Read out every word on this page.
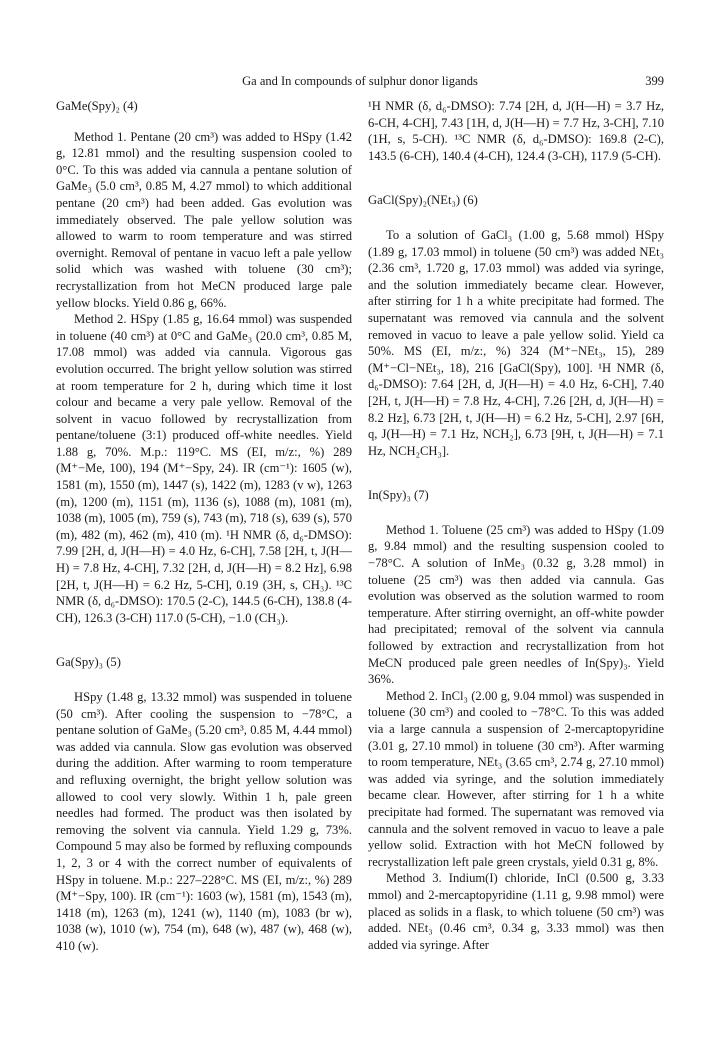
Ga and In compounds of sulphur donor ligands	399
GaMe(Spy)₂ (4)

Method 1. Pentane (20 cm³) was added to HSpy (1.42 g, 12.81 mmol) and the resulting suspension cooled to 0°C. To this was added via cannula a pentane solution of GaMe₃ (5.0 cm³, 0.85 M, 4.27 mmol) to which additional pentane (20 cm³) had been added. Gas evolution was immediately observed. The pale yellow solution was allowed to warm to room temperature and was stirred overnight. Removal of pentane in vacuo left a pale yellow solid which was washed with toluene (30 cm³); recrystallization from hot MeCN produced large pale yellow blocks. Yield 0.86 g, 66%.

Method 2. HSpy (1.85 g, 16.64 mmol) was suspended in toluene (40 cm³) at 0°C and GaMe₃ (20.0 cm³, 0.85 M, 17.08 mmol) was added via cannula. Vigorous gas evolution occurred. The bright yellow solution was stirred at room temperature for 2 h, during which time it lost colour and became a very pale yellow. Removal of the solvent in vacuo followed by recrystallization from pentane/toluene (3:1) produced off-white needles. Yield 1.88 g, 70%. M.p.: 119°C. MS (EI, m/z:, %) 289 (M⁺−Me, 100), 194 (M⁺−Spy, 24). IR (cm⁻¹): 1605 (w), 1581 (m), 1550 (m), 1447 (s), 1422 (m), 1283 (v w), 1263 (m), 1200 (m), 1151 (m), 1136 (s), 1088 (m), 1081 (m), 1038 (m), 1005 (m), 759 (s), 743 (m), 718 (s), 639 (s), 570 (m), 482 (m), 462 (m), 410 (m). ¹H NMR (δ, d₆-DMSO): 7.99 [2H, d, J(H—H) = 4.0 Hz, 6-CH], 7.58 [2H, t, J(H—H) = 7.8 Hz, 4-CH], 7.32 [2H, d, J(H—H) = 8.2 Hz], 6.98 [2H, t, J(H—H) = 6.2 Hz, 5-CH], 0.19 (3H, s, CH₃). ¹³C NMR (δ, d₆-DMSO): 170.5 (2-C), 144.5 (6-CH), 138.8 (4-CH), 126.3 (3-CH) 117.0 (5-CH), −1.0 (CH₃).

Ga(Spy)₃ (5)

HSpy (1.48 g, 13.32 mmol) was suspended in toluene (50 cm³). After cooling the suspension to −78°C, a pentane solution of GaMe₃ (5.20 cm³, 0.85 M, 4.44 mmol) was added via cannula. Slow gas evolution was observed during the addition. After warming to room temperature and refluxing overnight, the bright yellow solution was allowed to cool very slowly. Within 1 h, pale green needles had formed. The product was then isolated by removing the solvent via cannula. Yield 1.29 g, 73%. Compound 5 may also be formed by refluxing compounds 1, 2, 3 or 4 with the correct number of equivalents of HSpy in toluene. M.p.: 227–228°C. MS (EI, m/z:, %) 289 (M⁺−Spy, 100). IR (cm⁻¹): 1603 (w), 1581 (m), 1543 (m), 1418 (m), 1263 (m), 1241 (w), 1140 (m), 1083 (br w), 1038 (w), 1010 (w), 754 (m), 648 (w), 487 (w), 468 (w), 410 (w).

¹H NMR (δ, d₆-DMSO): 7.74 [2H, d, J(H—H) = 3.7 Hz, 6-CH, 4-CH], 7.43 [1H, d, J(H—H) = 7.7 Hz, 3-CH], 7.10 (1H, s, 5-CH). ¹³C NMR (δ, d₆-DMSO): 169.8 (2-C), 143.5 (6-CH), 140.4 (4-CH), 124.4 (3-CH), 117.9 (5-CH).

GaCl(Spy)₂(NEt₃) (6)

To a solution of GaCl₃ (1.00 g, 5.68 mmol) HSpy (1.89 g, 17.03 mmol) in toluene (50 cm³) was added NEt₃ (2.36 cm³, 1.720 g, 17.03 mmol) was added via syringe, and the solution immediately became clear. However, after stirring for 1 h a white precipitate had formed. The supernatant was removed via cannula and the solvent removed in vacuo to leave a pale yellow solid. Yield ca 50%. MS (EI, m/z:, %) 324 (M⁺−NEt₃, 15), 289 (M⁺−Cl−NEt₃, 18), 216 [GaCl(Spy), 100]. ¹H NMR (δ, d₆-DMSO): 7.64 [2H, d, J(H—H) = 4.0 Hz, 6-CH], 7.40 [2H, t, J(H—H) = 7.8 Hz, 4-CH], 7.26 [2H, d, J(H—H) = 8.2 Hz], 6.73 [2H, t, J(H—H) = 6.2 Hz, 5-CH], 2.97 [6H, q, J(H—H) = 7.1 Hz, NCH₂], 6.73 [9H, t, J(H—H) = 7.1 Hz, NCH₂CH₃].

In(Spy)₃ (7)

Method 1. Toluene (25 cm³) was added to HSpy (1.09 g, 9.84 mmol) and the resulting suspension cooled to −78°C. A solution of InMe₃ (0.32 g, 3.28 mmol) in toluene (25 cm³) was then added via cannula. Gas evolution was observed as the solution warmed to room temperature. After stirring overnight, an off-white powder had precipitated; removal of the solvent via cannula followed by extraction and recrystallization from hot MeCN produced pale green needles of In(Spy)₃. Yield 36%.

Method 2. InCl₃ (2.00 g, 9.04 mmol) was suspended in toluene (30 cm³) and cooled to −78°C. To this was added via a large cannula a suspension of 2-mercaptopyridine (3.01 g, 27.10 mmol) in toluene (30 cm³). After warming to room temperature, NEt₃ (3.65 cm³, 2.74 g, 27.10 mmol) was added via syringe, and the solution immediately became clear. However, after stirring for 1 h a white precipitate had formed. The supernatant was removed via cannula and the solvent removed in vacuo to leave a pale yellow solid. Extraction with hot MeCN followed by recrystallization left pale green crystals, yield 0.31 g, 8%.

Method 3. Indium(I) chloride, InCl (0.500 g, 3.33 mmol) and 2-mercaptopyridine (1.11 g, 9.98 mmol) were placed as solids in a flask, to which toluene (50 cm³) was added. NEt₃ (0.46 cm³, 0.34 g, 3.33 mmol) was then added via syringe. After
